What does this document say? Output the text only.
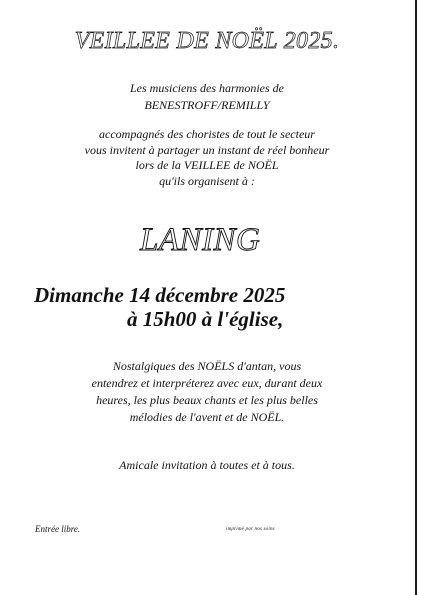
VEILLEE DE NOËL 2025.
Les musiciens des harmonies de
BENESTROFF/REMILLY
accompagnés des choristes de tout le secteur
vous invitent à partager un instant de réel bonheur
lors de la VEILLEE de NOËL
qu'ils organisent à :
LANING
Dimanche 14 décembre 2025
à 15h00 à l'église,
Nostalgiques des NOËLS d'antan, vous
entendrez et interpréterez avec eux, durant deux
heures, les plus beaux chants et les plus belles
mélodies de l'avent et de NOËL.
Amicale invitation à toutes et à tous.
Entrée libre.	imprimé par nos soins
